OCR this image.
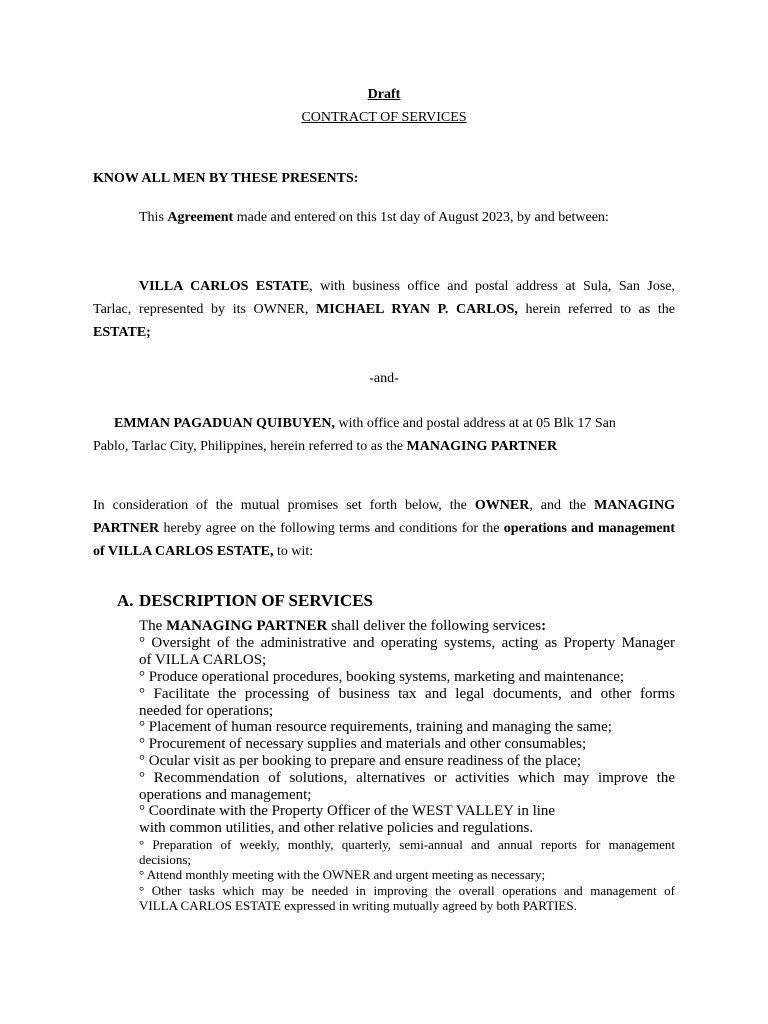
Draft
CONTRACT OF SERVICES
KNOW ALL MEN BY THESE PRESENTS:
This Agreement made and entered on this 1st day of August 2023, by and between:
VILLA CARLOS ESTATE, with business office and postal address at Sula, San Jose,
Tarlac, represented by its OWNER, MICHAEL RYAN P. CARLOS, herein referred to as the
ESTATE;
-and-
EMMAN PAGADUAN QUIBUYEN, with office and postal address at at 05 Blk 17 San
Pablo, Tarlac City, Philippines, herein referred to as the MANAGING PARTNER
In consideration of the mutual promises set forth below, the OWNER, and the MANAGING
PARTNER hereby agree on the following terms and conditions for the operations and management
of VILLA CARLOS ESTATE, to wit:
A. DESCRIPTION OF SERVICES
The MANAGING PARTNER shall deliver the following services:
° Oversight of the administrative and operating systems, acting as Property Manager
of VILLA CARLOS;
° Produce operational procedures, booking systems, marketing and maintenance;
° Facilitate the processing of business tax and legal documents, and other forms
needed for operations;
° Placement of human resource requirements, training and managing the same;
° Procurement of necessary supplies and materials and other consumables;
° Ocular visit as per booking to prepare and ensure readiness of the place;
° Recommendation of solutions, alternatives or activities which may improve the
operations and management;
° Coordinate with the Property Officer of the WEST VALLEY in line
with common utilities, and other relative policies and regulations.
° Preparation of weekly, monthly, quarterly, semi-annual and annual reports for management
decisions;
° Attend monthly meeting with the OWNER and urgent meeting as necessary;
° Other tasks which may be needed in improving the overall operations and management of
VILLA CARLOS ESTATE expressed in writing mutually agreed by both PARTIES.
